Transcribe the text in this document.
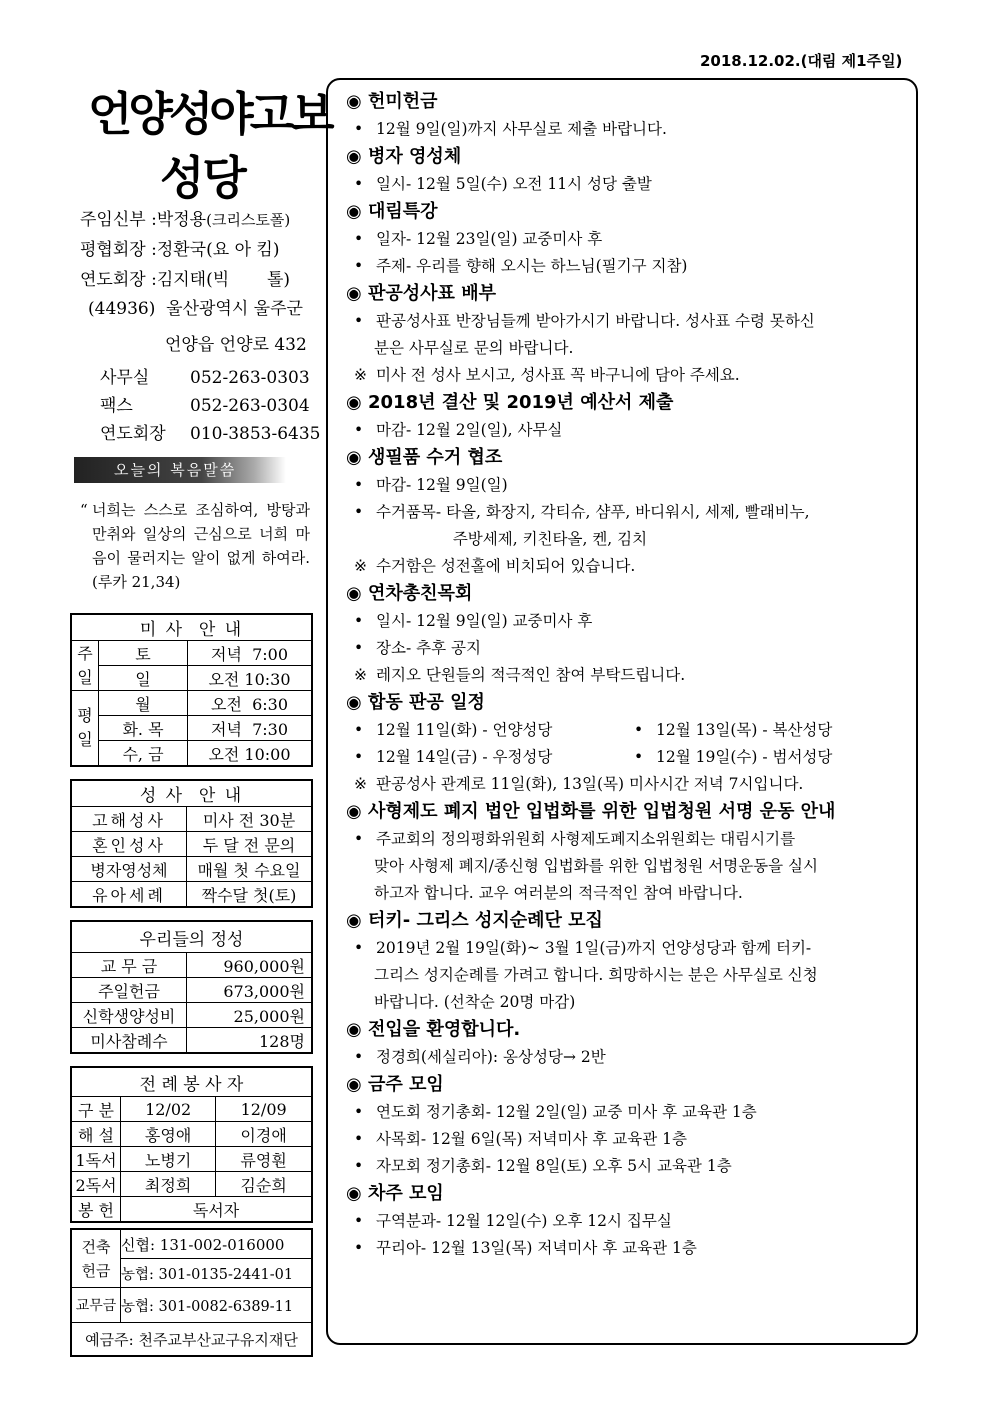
2018.12.02.(대림 제1주일)
언양성야고보
성당
주임신부 :박정용(크리스토폴)
평협회장 :정환국(요 아 킴)
연도회장 :김지태(빅       톨)
(44936)  울산광역시 울주군
언양읍 언양로 432
사무실	052-263-0303
팩스	052-263-0304
연도회장	010-3853-6435
오늘의 복음말씀
“ 너희는 스스로 조심하여, 방탕과 만취와 일상의 근심으로 너희 마음이 물러지는 알이 없게 하여라. (루카 21,34)
미 사  안 내		
주일	토	저녁  7:00
	일	오전 10:30
평일	월	오전  6:30
	화. 목	저녁  7:30
	수, 금	오전 10:00
성 사  안 내	
고해성사	미사 전 30분
혼인성사	두 달 전 문의
병자영성체	매월 첫 수요일
유아세례	짝수달 첫(토)
우리들의 정성	
교 무 금	960,000원
주일헌금	673,000원
신학생양성비	25,000원
미사참례수	128명
전 례 봉 사 자		
구 분	12/02	12/09
해 설	홍영애	이경애
1독서	노병기	류영훤
2독서	최정희	김순희
봉 헌	독서자	
건축헌금	신협: 131-002-016000
	농협: 301-0135-2441-01
교무금	농협: 301-0082-6389-11
예금주: 천주교부산교구유지재단	
◉ 헌미헌금
• 12월 9일(일)까지 사무실로 제출 바랍니다.
◉ 병자 영성체
• 일시- 12월 5일(수) 오전 11시 성당 출발
◉ 대림특강
• 일자- 12월 23일(일) 교중미사 후
• 주제- 우리를 향해 오시는 하느님(필기구 지참)
◉ 판공성사표 배부
• 판공성사표 반장님들께 받아가시기 바랍니다. 성사표 수령 못하신
분은 사무실로 문의 바랍니다.
※ 미사 전 성사 보시고, 성사표 꼭 바구니에 담아 주세요.
◉ 2018년 결산 및 2019년 예산서 제출
• 마감- 12월 2일(일), 사무실
◉ 생필품 수거 협조
• 마감- 12월 9일(일)
• 수거품목- 타올, 화장지, 각티슈, 샴푸, 바디워시, 세제, 빨래비누,
주방세제, 키친타올, 켄, 김치
※ 수거함은 성전홀에 비치되어 있습니다.
◉ 연차총친목회
• 일시- 12월 9일(일) 교중미사 후
• 장소- 추후 공지
※ 레지오 단원들의 적극적인 참여 부탁드립니다.
◉ 합동 판공 일정
• 12월 11일(화) - 언양성당	• 12월 13일(목) - 복산성당
• 12월 14일(금) - 우정성당	• 12월 19일(수) - 범서성당
※ 판공성사 관계로 11일(화), 13일(목) 미사시간 저녁 7시입니다.
◉ 사형제도 폐지 법안 입법화를 위한 입법청원 서명 운동 안내
• 주교회의 정의평화위원회 사형제도폐지소위원회는 대림시기를
맞아 사형제 폐지/종신형 입법화를 위한 입법청원 서명운동을 실시
하고자 합니다. 교우 여러분의 적극적인 참여 바랍니다.
◉ 터키- 그리스 성지순례단 모집
• 2019년 2월 19일(화)~ 3월 1일(금)까지 언양성당과 함께 터키-
그리스 성지순례를 가려고 합니다. 희망하시는 분은 사무실로 신청
바랍니다. (선착순 20명 마감)
◉ 전입을 환영합니다.
• 정경희(세실리아): 옹상성당→ 2반
◉ 금주 모임
• 연도회 정기총회- 12월 2일(일) 교중 미사 후 교육관 1층
• 사목회- 12월 6일(목) 저녁미사 후 교육관 1층
• 자모회 정기총회- 12월 8일(토) 오후 5시 교육관 1층
◉ 차주 모임
• 구역분과- 12월 12일(수) 오후 12시 집무실
• 꾸리아- 12월 13일(목) 저녁미사 후 교육관 1층
